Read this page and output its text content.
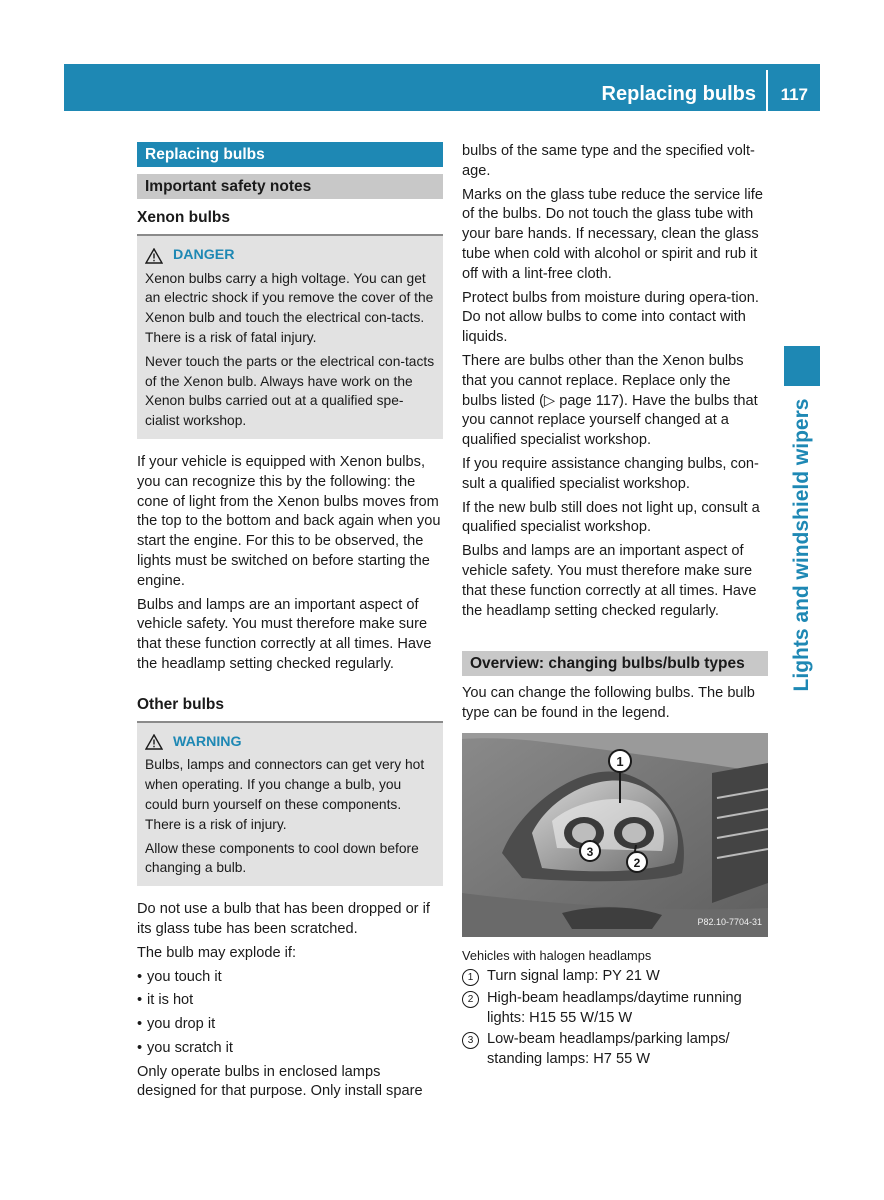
Replacing bulbs 117
Lights and windshield wipers
Replacing bulbs
Important safety notes
Xenon bulbs
DANGER

Xenon bulbs carry a high voltage. You can get an electric shock if you remove the cover of the Xenon bulb and touch the electrical con-tacts. There is a risk of fatal injury.

Never touch the parts or the electrical con-tacts of the Xenon bulb. Always have work on the Xenon bulbs carried out at a qualified spe-cialist workshop.

If your vehicle is equipped with Xenon bulbs, you can recognize this by the following: the cone of light from the Xenon bulbs moves from the top to the bottom and back again when you start the engine. For this to be observed, the lights must be switched on before starting the engine.

Bulbs and lamps are an important aspect of vehicle safety. You must therefore make sure that these function correctly at all times. Have the headlamp setting checked regularly.

Other bulbs
WARNING

Bulbs, lamps and connectors can get very hot when operating. If you change a bulb, you could burn yourself on these components. There is a risk of injury.

Allow these components to cool down before changing a bulb.

Do not use a bulb that has been dropped or if its glass tube has been scratched.

The bulb may explode if:

• you touch it
• it is hot
• you drop it
• you scratch it

Only operate bulbs in enclosed lamps designed for that purpose. Only install spare

bulbs of the same type and the specified volt-age.

Marks on the glass tube reduce the service life of the bulbs. Do not touch the glass tube with your bare hands. If necessary, clean the glass tube when cold with alcohol or spirit and rub it off with a lint-free cloth.

Protect bulbs from moisture during opera-tion. Do not allow bulbs to come into contact with liquids.

There are bulbs other than the Xenon bulbs that you cannot replace. Replace only the bulbs listed (▷ page 117). Have the bulbs that you cannot replace yourself changed at a qualified specialist workshop.

If you require assistance changing bulbs, con-sult a qualified specialist workshop.

If the new bulb still does not light up, consult a qualified specialist workshop.

Bulbs and lamps are an important aspect of vehicle safety. You must therefore make sure that these function correctly at all times. Have the headlamp setting checked regularly.

Overview: changing bulbs/bulb types

You can change the following bulbs. The bulb type can be found in the legend.

1
3
2
P82.10-7704-31
Vehicles with halogen headlamps
1 Turn signal lamp: PY 21 W
2 High-beam headlamps/daytime running lights: H15 55 W/15 W
3 Low-beam headlamps/parking lamps/ standing lamps: H7 55 W
